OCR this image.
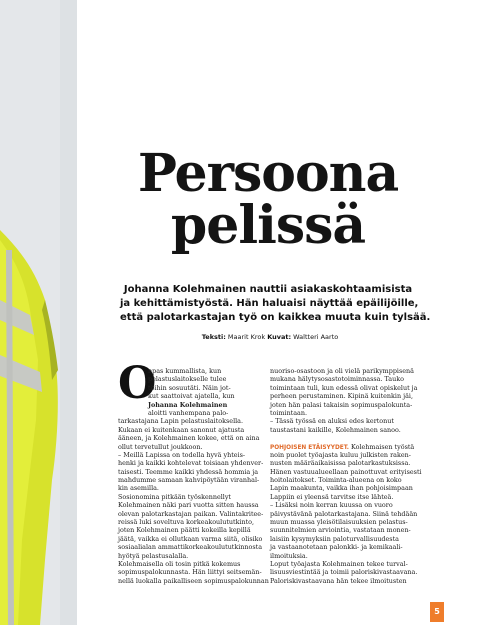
Persoona
pelissä
Johanna Kolehmainen nauttii asiakaskohtaamisista
ja kehittämistyöstä. Hän haluaisi näyttää epäilijöille,
että palotarkastajan työ on kaikkea muuta kuin tylsää.
Teksti: Maarit Krok Kuvat: Waltteri Aarto
O
npas kummallista, kun
pelastuslaitokselle tulee
töihin sosuutäti. Näin jot-
kut saattoivat ajatella, kun
Johanna Kolehmainen
aloitti vanhempana palo-
tarkastajana Lapin pelastuslaitoksella.
Kukaan ei kuitenkaan sanonut ajatusta
ääneen, ja Kolehmainen kokee, että on aina
ollut tervetullut joukkoon.
– Meillä Lapissa on todella hyvä yhteis-
henki ja kaikki kohtelevat toisiaan yhdenver-
taisesti. Teemme kaikki yhdessä hommia ja
mahdumme samaan kahvipöytään viranhal-
kin asemilla.
Sosionomina pitkään työskennellyt
Kolehmainen näki pari vuotta sitten haussa
olevan palotarkastajan paikan. Valintakritee-
reissä luki soveltuva korkeakoulututkinto,
joten Kolehmainen päätti kokeilla kepillä
jäätä, vaikka ei ollutkaan varma siitä, olisiko
sosiaalialan ammattikorkeakoulututkinnosta
hyötyä pelastusalalla.
Kolehmaisella oli tosin pitkä kokemus
sopimuspalokunnasta. Hän liittyi seitsemän-
nellä luokalla paikalliseen sopimuspalokunnan
nuoriso-osastoon ja oli vielä parikymppisenä
mukana hälytysosastotoiminnassa. Tauko
toimintaan tuli, kun edessä olivat opiskelut ja
perheen perustaminen. Kipinä kuitenkin jäi,
joten hän palasi takaisin sopimuspalokunta-
toimintaan.
– Tässä työssä en aluksi edes kertonut
taustastani kaikille, Kolehmainen sanoo.
POHJOISEN ETÄISYYDET. Kolehmaisen työstä
noin puolet työajasta kuluu julkisten raken-
nusten määräaikaisissa palotarkastuksissa.
Hänen vastuualueellaan painottuvat erityisesti
hoitolaitokset. Toiminta-alueena on koko
Lapin maakunta, vaikka ihan pohjoisimpaan
Lappiin ei yleensä tarvitse itse lähteä.
– Lisäksi noin kerran kuussa on vuoro
päivystävänä palotarkastajana. Siinä tehdään
muun muassa yleisötilaisuuksien pelastus-
suunnitelmien arviointia, vastataan monen-
laisiin kysymyksiin paloturvallisuudesta
ja vastaanotetaan palonkki- ja kemikaali-
ilmoituksia.
Loput työajasta Kolehmainen tekee turval-
lisuusviestintää ja toimii paloriskivastaavana.
Paloriskivastaavana hän tekee ilmoitusten
5
